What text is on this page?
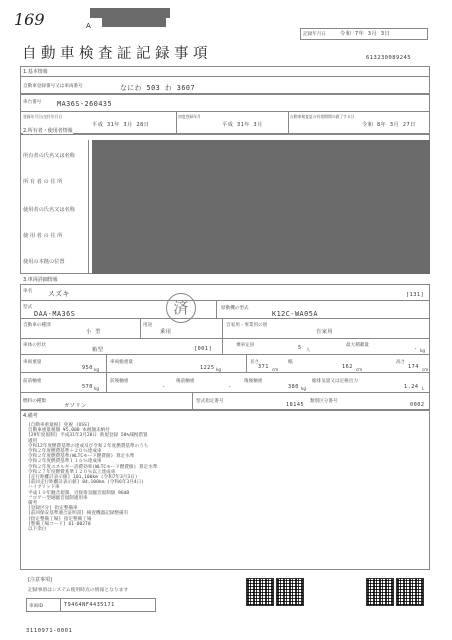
169	A
自動車検査証記録事項
記録年月日	令和 7年 3月 3日
613230089245
1.基本情報
自動車登録番号又は車両番号	なにわ 503 わ 3607
車台番号 MA36S-260435
登録年月日/交付年月日
平成 31年 3月 28日
初度登録年月
平成 31年 3月
自動車検査証の有効期間の満了する日
令和 8年 3月 27日
2.所有者・使用者情報
所有者の氏名又は名称
所 有 者 の 住 所
使用者の氏名又は名称
使 用 者 の 住 所
使用の本拠の位置
3.車両詳細情報
車名 スズキ	[131]
型式
DAA-MA36S	済	原動機の型式
K12C-WA05A
自動車の種別
小 型
用途
乗用
自家用・事業用の別
自家用
車体の形状
箱型	[001]
乗車定員	5 人
最大積載量
- kg
車両重量
950 kg
車両総重量
1225 kg
長さ
371 cm
幅
162 cm
高さ
174 cm
前前軸重
570 kg
前後軸重
-
後前軸重
-
後後軸重
380 kg
総排気量又は定格出力
1.24 L
燃料の種類
ガソリン
型式指定番号
18145
類別区分番号
0002
4.備考
[自動車重量税] 免税 [OSS]
自動車重量税額 ¥5,000 本税額未納付
[29年度規制] 平成31年3月28日 新規登録 50%減税措置
適用
令和12年度燃費基準の達成及び令和２年度燃費基準のうち
令和２年度燃費基準＋２０％達成車
令和２年度燃費基準(WLTCモード燃費値) 算定水準
令和２年度燃費基準１１６％達成車
令和２年度エネルギー消費効率(WLTCモード燃費値) 算定水準
令和２７年度燃費基準１２０％以上達成車
[走行距離計表示値] 101,100km (令和7年3月3日)
[前回走行距離計表示値] 84,100km (令和6年3月4日)
ハイブリッド車
平成１０年騒音規制、近接排気騒音規制値 96dB
フロアー型通騒音規制適用車
備考
[登録区分] 指定整備車
[前回保安基準適合証明書] 検査機器記録整備有
[指定整備工場] 指定整備工場
[整備工場コード] 61-00270
以下余白
[注意事項]
記録事項はシステム使用時点の情報となります
車両ID	T9464NF4435171
3110971-0001
